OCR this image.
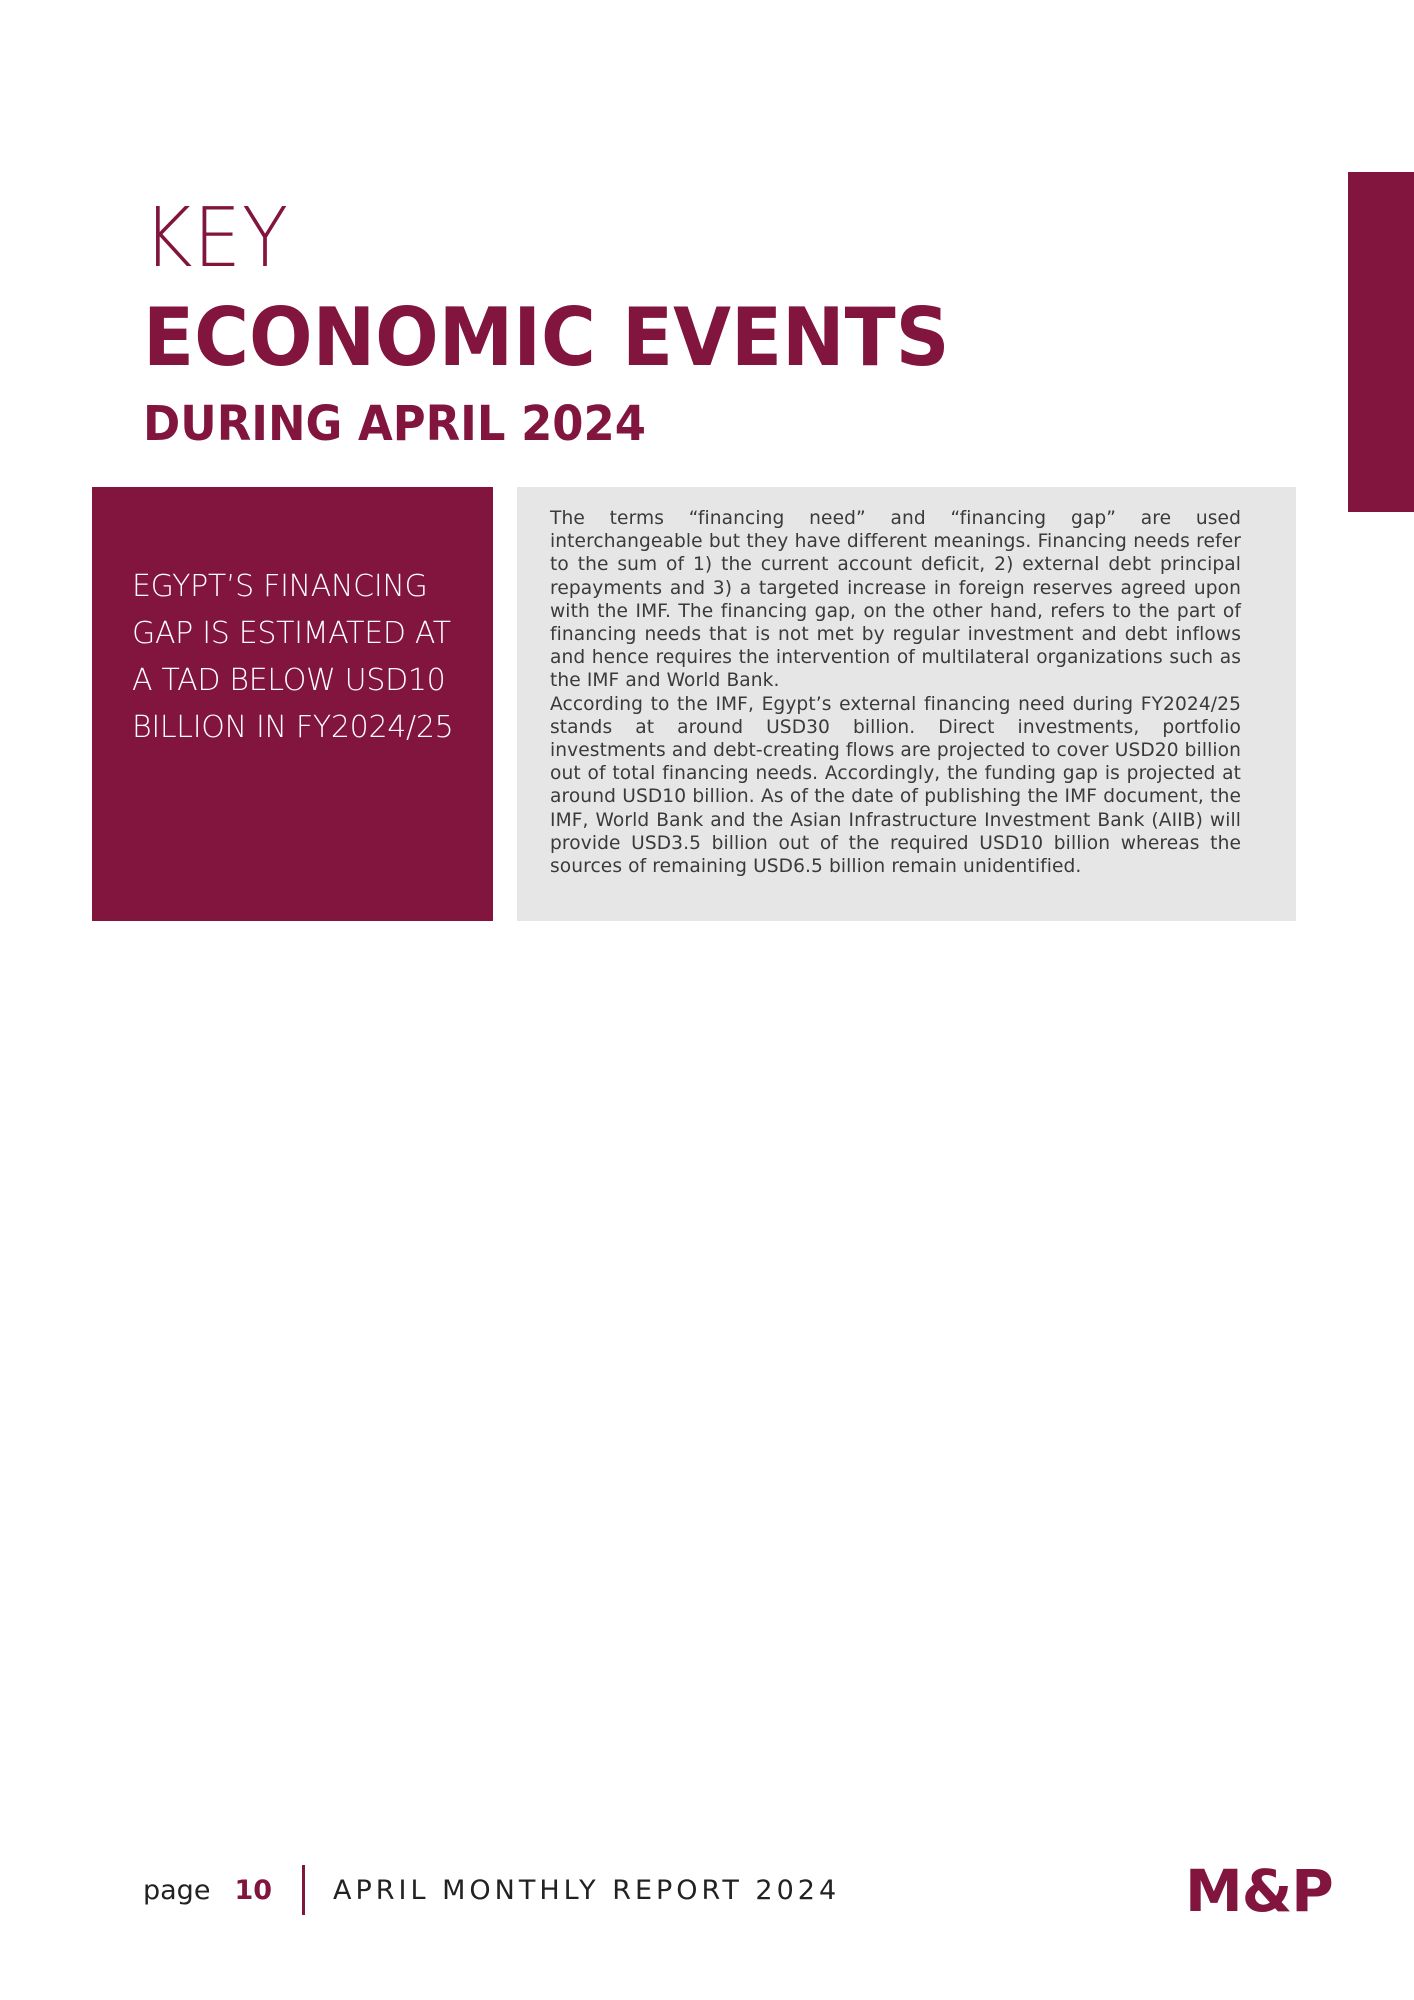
KEY
ECONOMIC EVENTS
DURING APRIL 2024
EGYPT’S FINANCING GAP IS ESTIMATED AT A TAD BELOW USD10 BILLION IN FY2024/25

The terms “financing need” and “financing gap” are used interchangeable but they have different meanings. Financing needs refer to the sum of 1) the current account deficit, 2) external debt principal repayments and 3) a targeted increase in foreign reserves agreed upon with the IMF. The financing gap, on the other hand, refers to the part of financing needs that is not met by regular investment and debt inflows and hence requires the intervention of multilateral organizations such as the IMF and World Bank.

According to the IMF, Egypt’s external financing need during FY2024/25 stands at around USD30 billion. Direct investments, portfolio investments and debt-creating flows are projected to cover USD20 billion out of total financing needs. Accordingly, the funding gap is projected at around USD10 billion. As of the date of publishing the IMF document, the IMF, World Bank and the Asian Infrastructure Investment Bank (AIIB) will provide USD3.5 billion out of the required USD10 billion whereas the sources of remaining USD6.5 billion remain unidentified.

page 10 APRIL MONTHLY REPORT 2024	M&P
